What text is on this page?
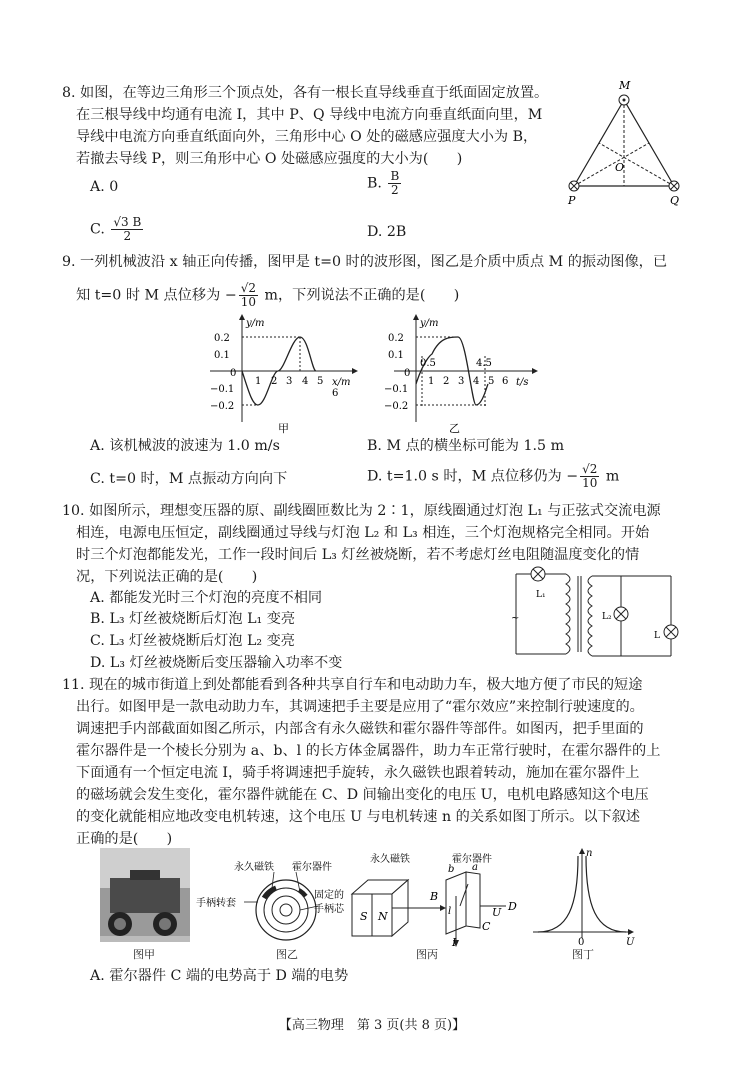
8. 如图，在等边三角形三个顶点处，各有一根长直导线垂直于纸面固定放置。
在三根导线中均通有电流 I，其中 P、Q 导线中电流方向垂直纸面向里，M
导线中电流方向垂直纸面向外，三角形中心 O 处的磁感应强度大小为 B，
若撤去导线 P，则三角形中心 O 处磁感应强度的大小为(　　)
A. 0	B. $\frac{B}{2}$
C. $\frac{√3 B}{2}$	D. 2B
M
O
P	Q
9. 一列机械波沿 x 轴正向传播，图甲是 t=0 时的波形图，图乙是介质中质点 M 的振动图像，已
知 t=0 时 M 点位移为 − $\frac{√2}{10}$ m，下列说法不正确的是(　　)
y/m
x/m
0.2
0.1
0
−0.1
−0.2
1 2 3 4 5
6
甲
y/m
t/s
0.2
0.1
0
−0.1
−0.2
0.5	4.5
1 2 3 4 5 6
乙
A. 该机械波的波速为 1.0 m/s	B. M 点的横坐标可能为 1.5 m
C. t=0 时，M 点振动方向向下	D. t=1.0 s 时，M 点位移仍为 − $\frac{√2}{10}$ m
10. 如图所示，理想变压器的原、副线圈匝数比为 2∶1，原线圈通过灯泡 L₁ 与正弦式交流电源
相连，电源电压恒定，副线圈通过导线与灯泡 L₂ 和 L₃ 相连，三个灯泡规格完全相同。开始
时三个灯泡都能发光，工作一段时间后 L₃ 灯丝被烧断，若不考虑灯丝电阻随温度变化的情
况，下列说法正确的是(　　)
A. 都能发光时三个灯泡的亮度不相同
B. L₃ 灯丝被烧断后灯泡 L₁ 变亮
C. L₃ 灯丝被烧断后灯泡 L₂ 变亮
D. L₃ 灯丝被烧断后变压器输入功率不变
L₁
L₂
L
~
11. 现在的城市街道上到处都能看到各种共享自行车和电动助力车，极大地方便了市民的短途
出行。如图甲是一款电动助力车，其调速把手主要是应用了“霍尔效应”来控制行驶速度的。
调速把手内部截面如图乙所示，内部含有永久磁铁和霍尔器件等部件。如图丙，把手里面的
霍尔器件是一个棱长分别为 a、b、l 的长方体金属器件，助力车正常行驶时，在霍尔器件的上
下面通有一个恒定电流 I，骑手将调速把手旋转，永久磁铁也跟着转动，施加在霍尔器件上
的磁场就会发生变化，霍尔器件就能在 C、D 间输出变化的电压 U，电机电路感知这个电压
的变化就能相应地改变电机转速，这个电压 U 与电机转速 n 的关系如图丁所示。以下叙述
正确的是(　　)
图甲
永久磁铁 霍尔器件
手柄转套
固定的
手柄芯
图乙
S N
B
b a
l	U D
C
I
永久磁铁	霍尔器件
图丙
n
U
0
图丁
A. 霍尔器件 C 端的电势高于 D 端的电势
【高三物理　第 3 页(共 8 页)】
